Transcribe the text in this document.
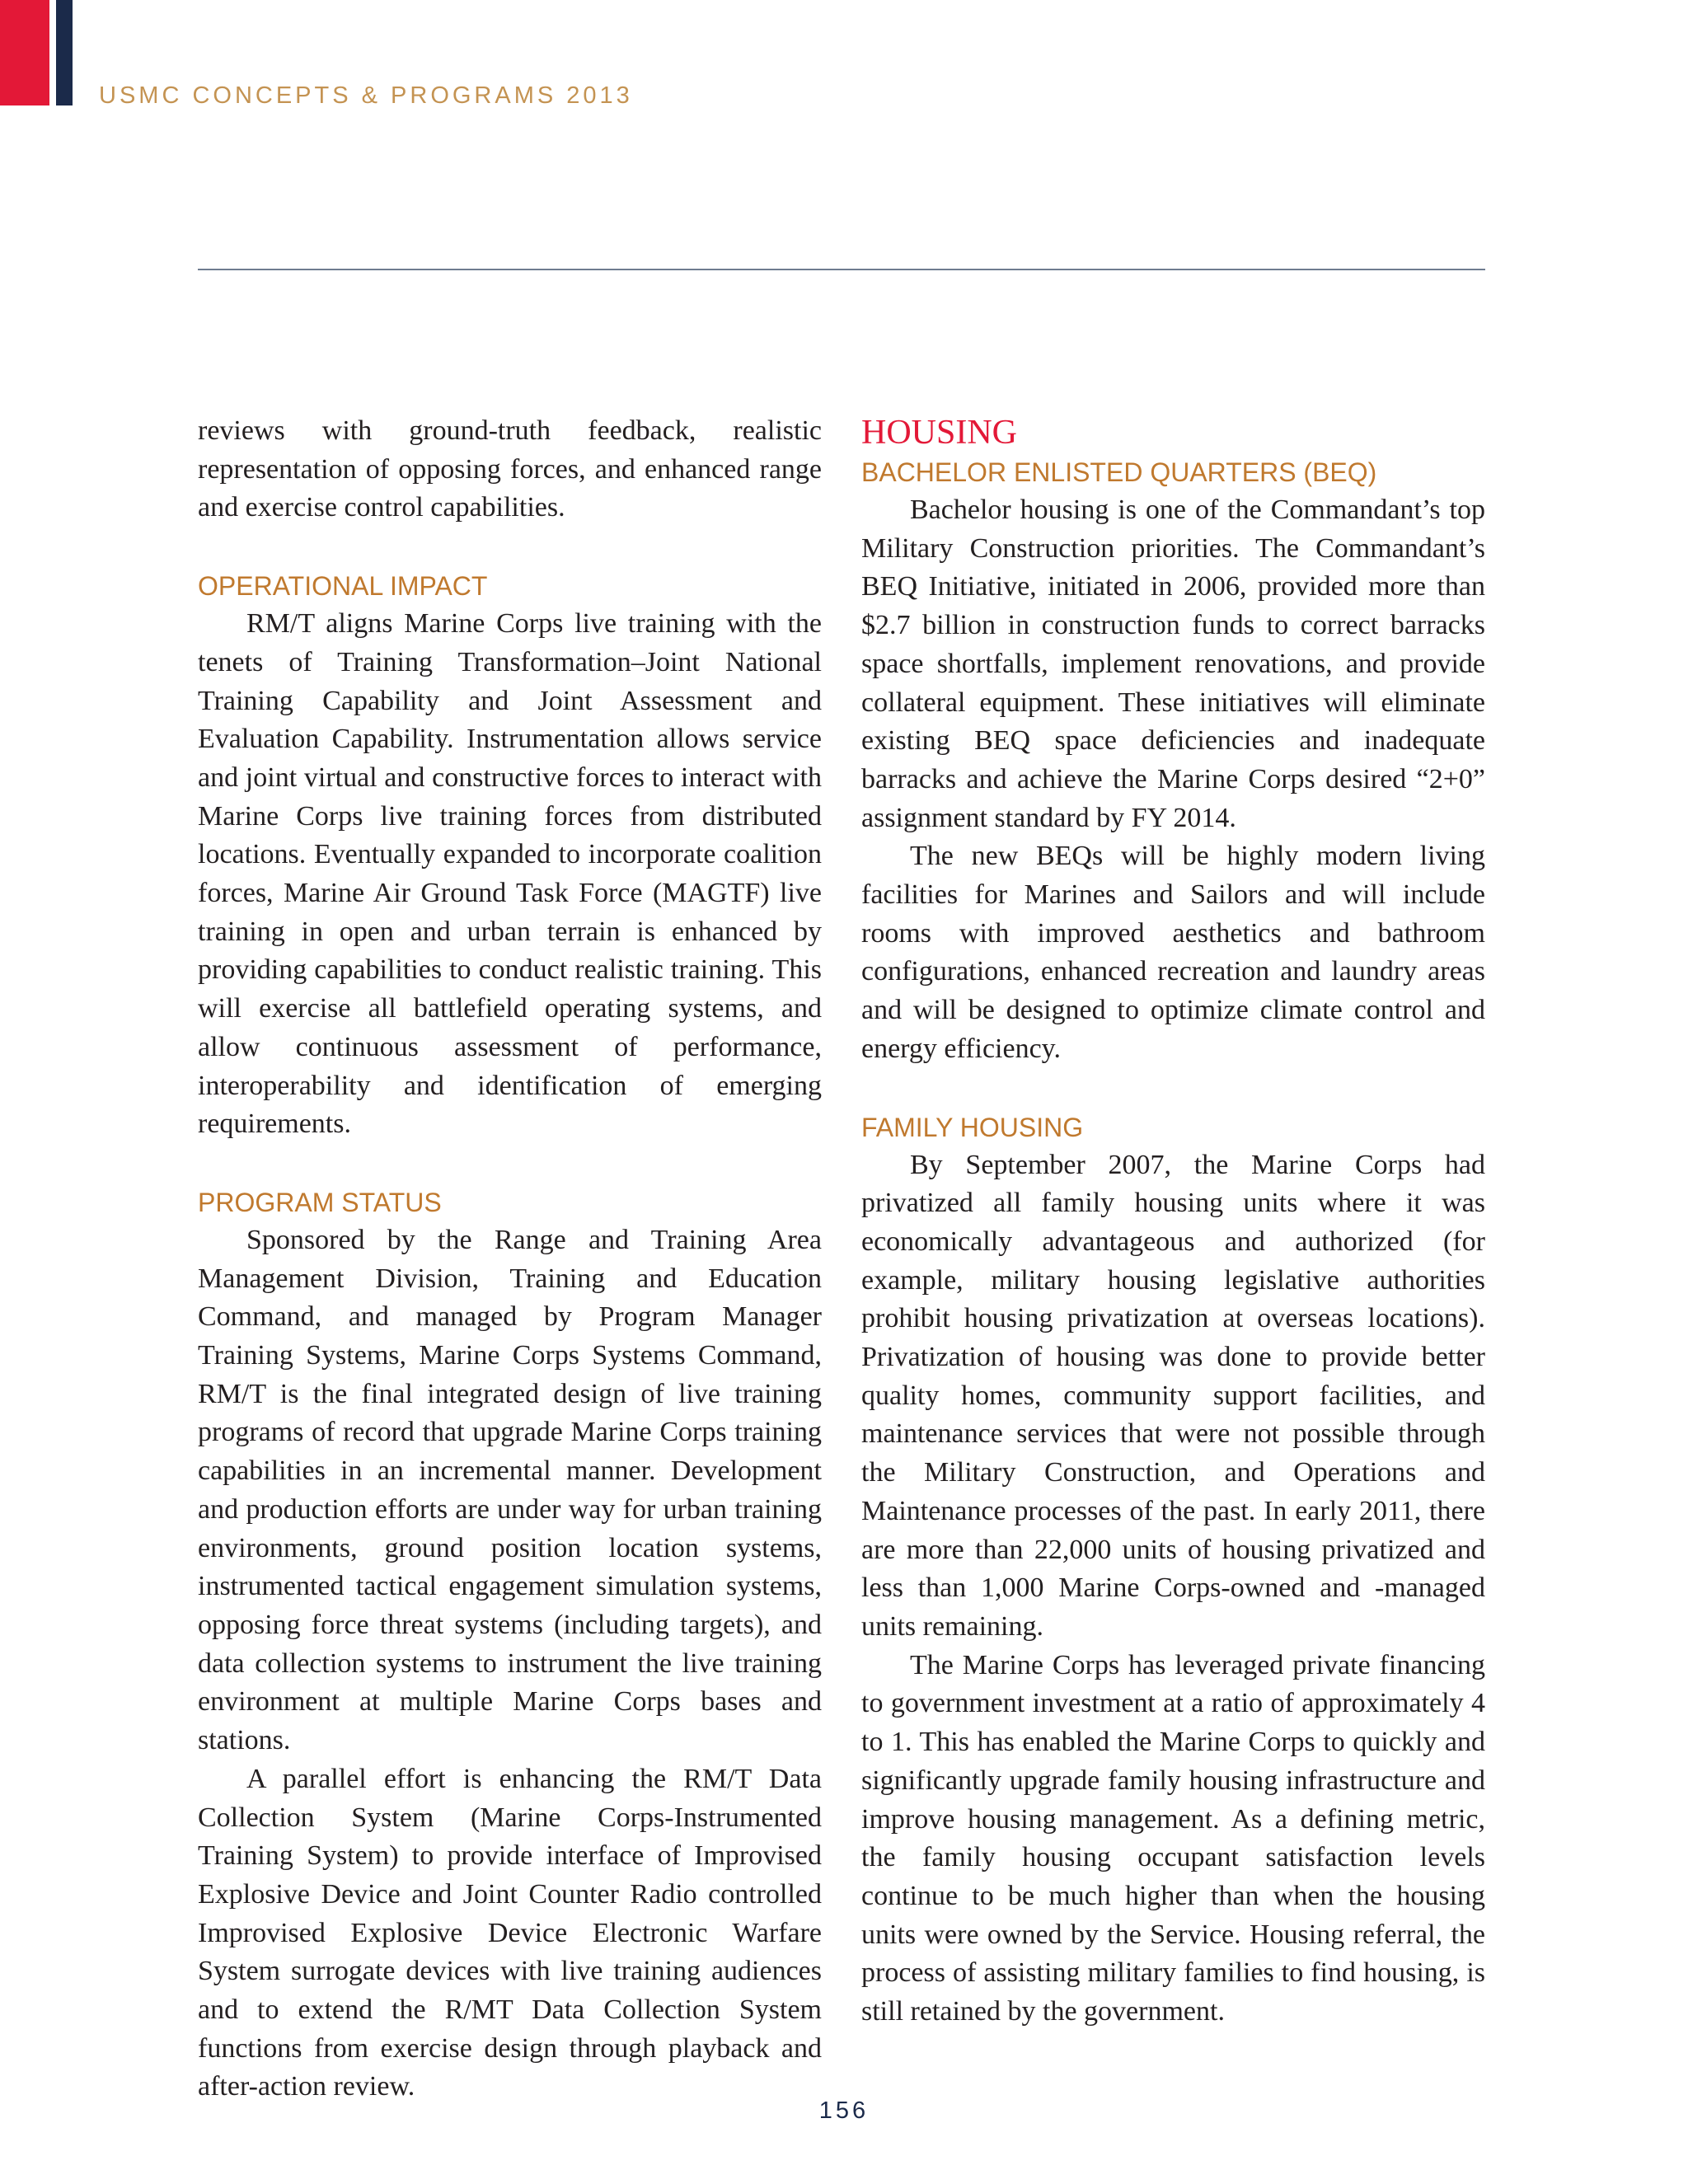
USMC CONCEPTS & PROGRAMS 2013

reviews with ground-truth feedback, realistic representation of opposing forces, and enhanced range and exercise control capabilities.

OPERATIONAL IMPACT

RM/T aligns Marine Corps live training with the tenets of Training Transformation–Joint National Training Capability and Joint Assessment and Evaluation Capability. Instrumentation allows service and joint virtual and constructive forces to interact with Marine Corps live training forces from distributed locations. Eventually expanded to incorporate coalition forces, Marine Air Ground Task Force (MAGTF) live training in open and urban terrain is enhanced by providing capabilities to conduct realistic training. This will exercise all battlefield operating systems, and allow continuous assessment of performance, interoperability and identification of emerging requirements.

PROGRAM STATUS

Sponsored by the Range and Training Area Management Division, Training and Education Command, and managed by Program Manager Training Systems, Marine Corps Systems Command, RM/T is the final integrated design of live training programs of record that upgrade Marine Corps training capabilities in an incremental manner. Development and production efforts are under way for urban training environments, ground position location systems, instrumented tactical engagement simulation systems, opposing force threat systems (including targets), and data collection systems to instrument the live training environment at multiple Marine Corps bases and stations.

A parallel effort is enhancing the RM/T Data Collection System (Marine Corps-Instrumented Training System) to provide interface of Improvised Explosive Device and Joint Counter Radio controlled Improvised Explosive Device Electronic Warfare System surrogate devices with live training audiences and to extend the R/MT Data Collection System functions from exercise design through playback and after-action review.

HOUSING
BACHELOR ENLISTED QUARTERS (BEQ)

Bachelor housing is one of the Commandant’s top Military Construction priorities. The Commandant’s BEQ Initiative, initiated in 2006, provided more than $2.7 billion in construction funds to correct barracks space shortfalls, implement renovations, and provide collateral equipment. These initiatives will eliminate existing BEQ space deficiencies and inadequate barracks and achieve the Marine Corps desired “2+0” assignment standard by FY 2014.

The new BEQs will be highly modern living facilities for Marines and Sailors and will include rooms with improved aesthetics and bathroom configurations, enhanced recreation and laundry areas and will be designed to optimize climate control and energy efficiency.

FAMILY HOUSING

By September 2007, the Marine Corps had privatized all family housing units where it was economically advantageous and authorized (for example, military housing legislative authorities prohibit housing privatization at overseas locations). Privatization of housing was done to provide better quality homes, community support facilities, and maintenance services that were not possible through the Military Construction, and Operations and Maintenance processes of the past. In early 2011, there are more than 22,000 units of housing privatized and less than 1,000 Marine Corps-owned and -managed units remaining.

The Marine Corps has leveraged private financing to government investment at a ratio of approximately 4 to 1. This has enabled the Marine Corps to quickly and significantly upgrade family housing infrastructure and improve housing management. As a defining metric, the family housing occupant satisfaction levels continue to be much higher than when the housing units were owned by the Service. Housing referral, the process of assisting military families to find housing, is still retained by the government.

156
